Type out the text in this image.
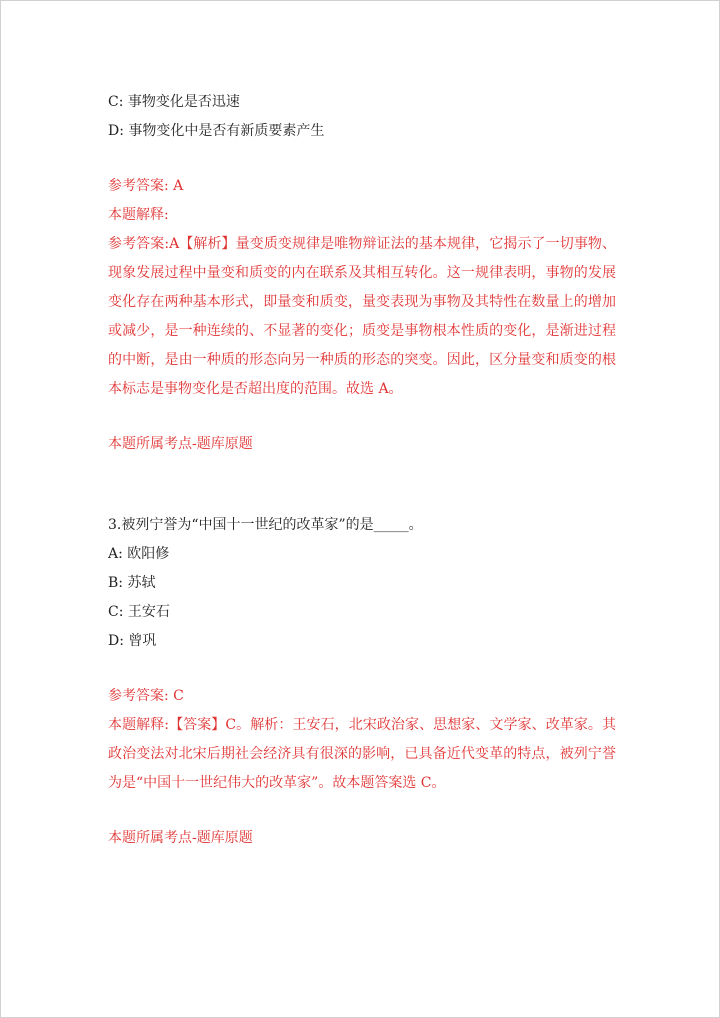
C: 事物变化是否迅速
D: 事物变化中是否有新质要素产生
参考答案: A
本题解释:
参考答案:A【解析】量变质变规律是唯物辩证法的基本规律，它揭示了一切事物、现象发展过程中量变和质变的内在联系及其相互转化。这一规律表明，事物的发展变化存在两种基本形式，即量变和质变，量变表现为事物及其特性在数量上的增加或减少，是一种连续的、不显著的变化；质变是事物根本性质的变化，是渐进过程的中断，是由一种质的形态向另一种质的形态的突变。因此，区分量变和质变的根本标志是事物变化是否超出度的范围。故选 A。
本题所属考点-题库原题
3.被列宁誉为“中国十一世纪的改革家”的是_____。
A: 欧阳修
B: 苏轼
C: 王安石
D: 曾巩
参考答案: C
本题解释:【答案】C。解析：王安石，北宋政治家、思想家、文学家、改革家。其政治变法对北宋后期社会经济具有很深的影响，已具备近代变革的特点，被列宁誉为是“中国十一世纪伟大的改革家”。故本题答案选 C。
本题所属考点-题库原题
